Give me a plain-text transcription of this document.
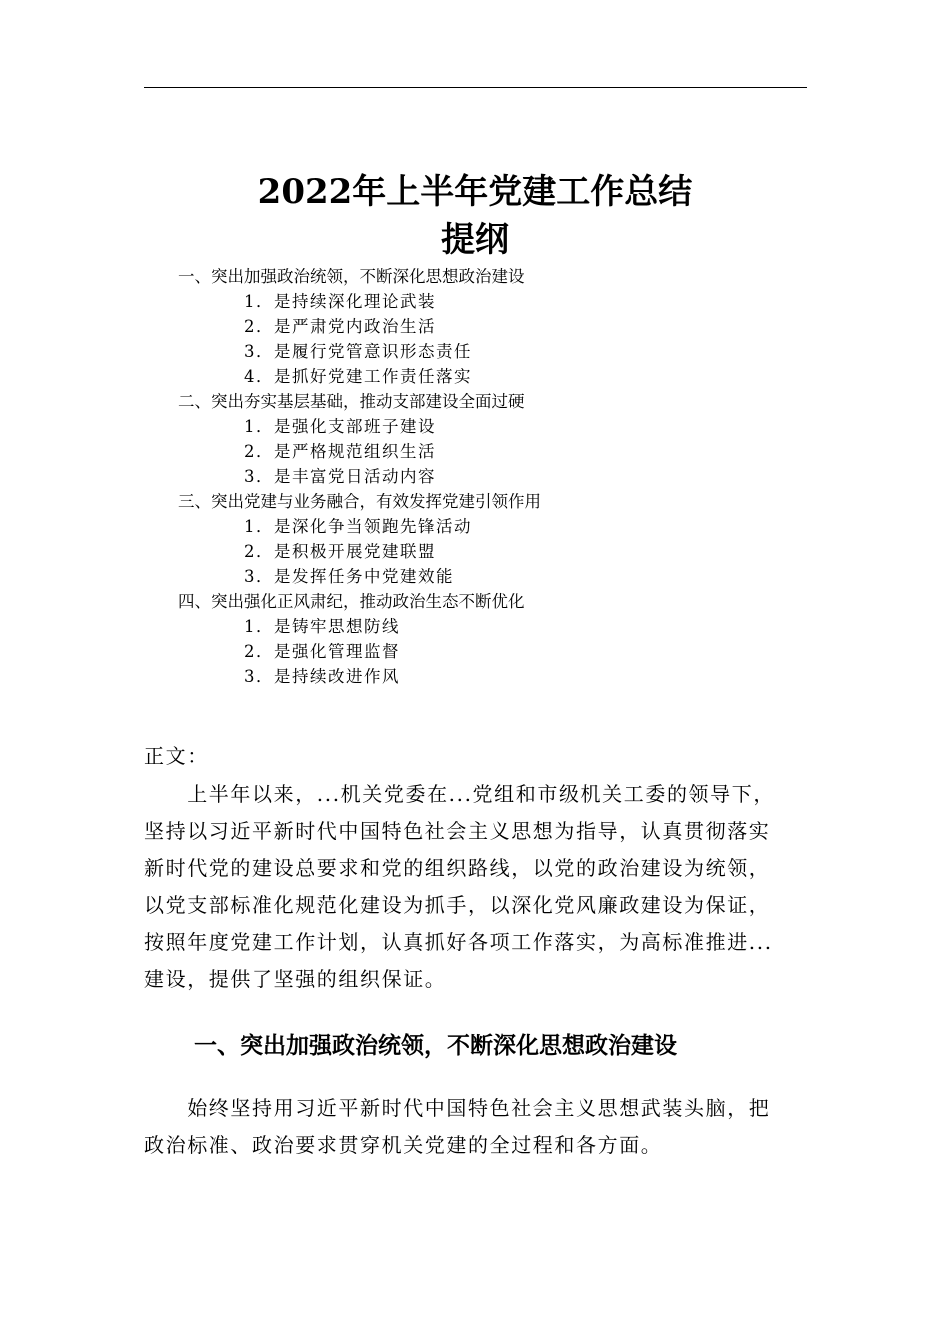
2022年上半年党建工作总结
提纲
一、突出加强政治统领，不断深化思想政治建设
1．是持续深化理论武装
2．是严肃党内政治生活
3．是履行党管意识形态责任
4．是抓好党建工作责任落实
二、突出夯实基层基础，推动支部建设全面过硬
1．是强化支部班子建设
2．是严格规范组织生活
3．是丰富党日活动内容
三、突出党建与业务融合，有效发挥党建引领作用
1．是深化争当领跑先锋活动
2．是积极开展党建联盟
3．是发挥任务中党建效能
四、突出强化正风肃纪，推动政治生态不断优化
1．是铸牢思想防线
2．是强化管理监督
3．是持续改进作风
正文：
　　上半年以来，...机关党委在...党组和市级机关工委的领导下，
坚持以习近平新时代中国特色社会主义思想为指导，认真贯彻落实
新时代党的建设总要求和党的组织路线，以党的政治建设为统领，
以党支部标准化规范化建设为抓手，以深化党风廉政建设为保证，
按照年度党建工作计划，认真抓好各项工作落实，为高标准推进...
建设，提供了坚强的组织保证。
一、突出加强政治统领，不断深化思想政治建设
　　始终坚持用习近平新时代中国特色社会主义思想武装头脑，把
政治标准、政治要求贯穿机关党建的全过程和各方面。
